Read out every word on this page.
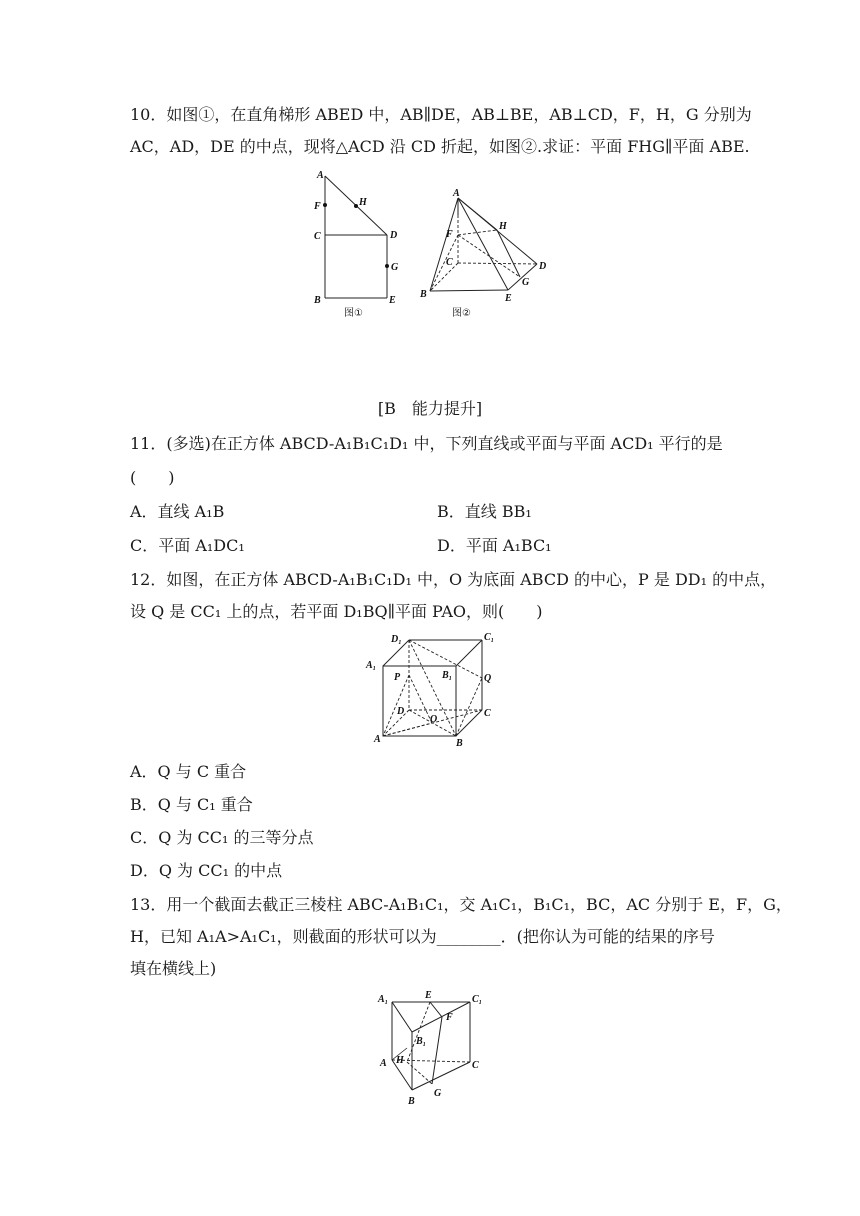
10．如图①，在直角梯形 ABED 中，AB∥DE，AB⊥BE，AB⊥CD，F，H，G 分别为
AC，AD，DE 的中点，现将△ACD 沿 CD 折起，如图②.求证：平面 FHG∥平面 ABE.
A
F	H
C	D
G
B	E
图①
A
F
H
C	D
G
B	E
图②
[B　能力提升]
11．(多选)在正方体 ABCD-A₁B₁C₁D₁ 中，下列直线或平面与平面 ACD₁ 平行的是
(　　)
A．直线 A₁B	B．直线 BB₁
C．平面 A₁DC₁	D．平面 A₁BC₁
12．如图，在正方体 ABCD-A₁B₁C₁D₁ 中，O 为底面 ABCD 的中心，P 是 DD₁ 的中点，
设 Q 是 CC₁ 上的点，若平面 D₁BQ∥平面 PAO，则(　　)
D₁	C₁
A₁
B₁
P	Q
D	C
O
A	B
A．Q 与 C 重合
B．Q 与 C₁ 重合
C．Q 为 CC₁ 的三等分点
D．Q 为 CC₁ 的中点
13．用一个截面去截正三棱柱 ABC-A₁B₁C₁，交 A₁C₁，B₁C₁，BC，AC 分别于 E，F，G，
H，已知 A₁A>A₁C₁，则截面的形状可以为________．(把你认为可能的结果的序号
填在横线上)
A₁	E	C₁
F
B₁
H
A	C
G
B
